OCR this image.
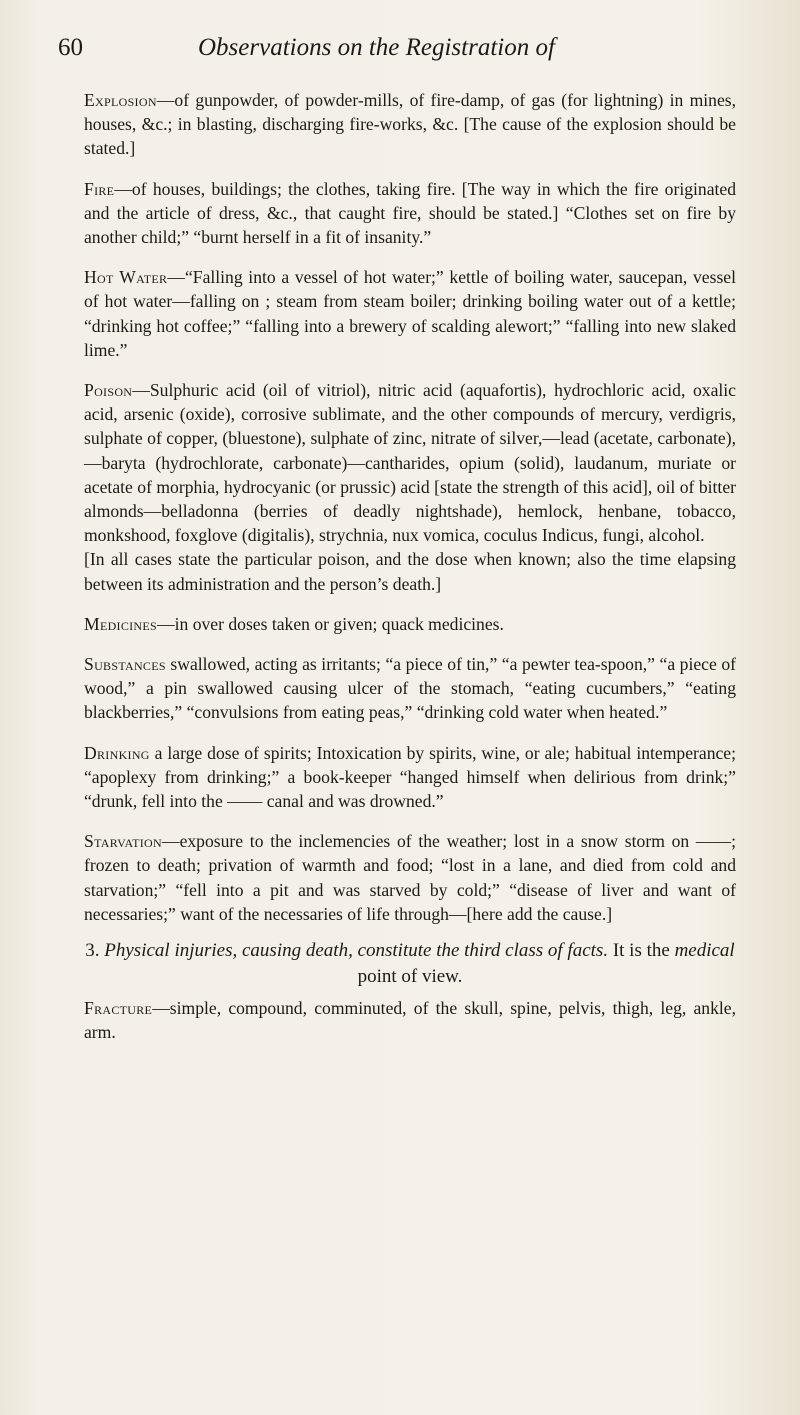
60	Observations on the Registration of

Explosion—of gunpowder, of powder-mills, of fire-damp, of gas (for lightning) in mines, houses, &c.; in blasting, discharging fire-works, &c. [The cause of the explosion should be stated.]

Fire—of houses, buildings; the clothes, taking fire. [The way in which the fire originated and the article of dress, &c., that caught fire, should be stated.] “Clothes set on fire by another child;” “burnt herself in a fit of insanity.”

Hot Water—“Falling into a vessel of hot water;” kettle of boiling water, saucepan, vessel of hot water—falling on ; steam from steam boiler; drinking boiling water out of a kettle; “drinking hot coffee;” “falling into a brewery of scalding alewort;” “falling into new slaked lime.”

Poison—Sulphuric acid (oil of vitriol), nitric acid (aquafortis), hydrochloric acid, oxalic acid, arsenic (oxide), corrosive sublimate, and the other compounds of mercury, verdigris, sulphate of copper, (bluestone), sulphate of zinc, nitrate of silver,—lead (acetate, carbonate),—baryta (hydrochlorate, carbonate)—cantharides, opium (solid), laudanum, muriate or acetate of morphia, hydrocyanic (or prussic) acid [state the strength of this acid], oil of bitter almonds—belladonna (berries of deadly nightshade), hemlock, henbane, tobacco, monkshood, foxglove (digitalis), strychnia, nux vomica, coculus Indicus, fungi, alcohol.

[In all cases state the particular poison, and the dose when known; also the time elapsing between its administration and the person’s death.]

Medicines—in over doses taken or given; quack medicines.

Substances swallowed, acting as irritants; “a piece of tin,” “a pewter tea-spoon,” “a piece of wood,” a pin swallowed causing ulcer of the stomach, “eating cucumbers,” “eating blackberries,” “convulsions from eating peas,” “drinking cold water when heated.”

Drinking a large dose of spirits; Intoxication by spirits, wine, or ale; habitual intemperance; “apoplexy from drinking;” a book-keeper “hanged himself when delirious from drink;” “drunk, fell into the —— canal and was drowned.”

Starvation—exposure to the inclemencies of the weather; lost in a snow storm on ——; frozen to death; privation of warmth and food; “lost in a lane, and died from cold and starvation;” “fell into a pit and was starved by cold;” “disease of liver and want of necessaries;” want of the necessaries of life through—[here add the cause.]

3. Physical injuries, causing death, constitute the third class of facts. It is the medical point of view.

Fracture—simple, compound, comminuted, of the skull, spine, pelvis, thigh, leg, ankle, arm.
